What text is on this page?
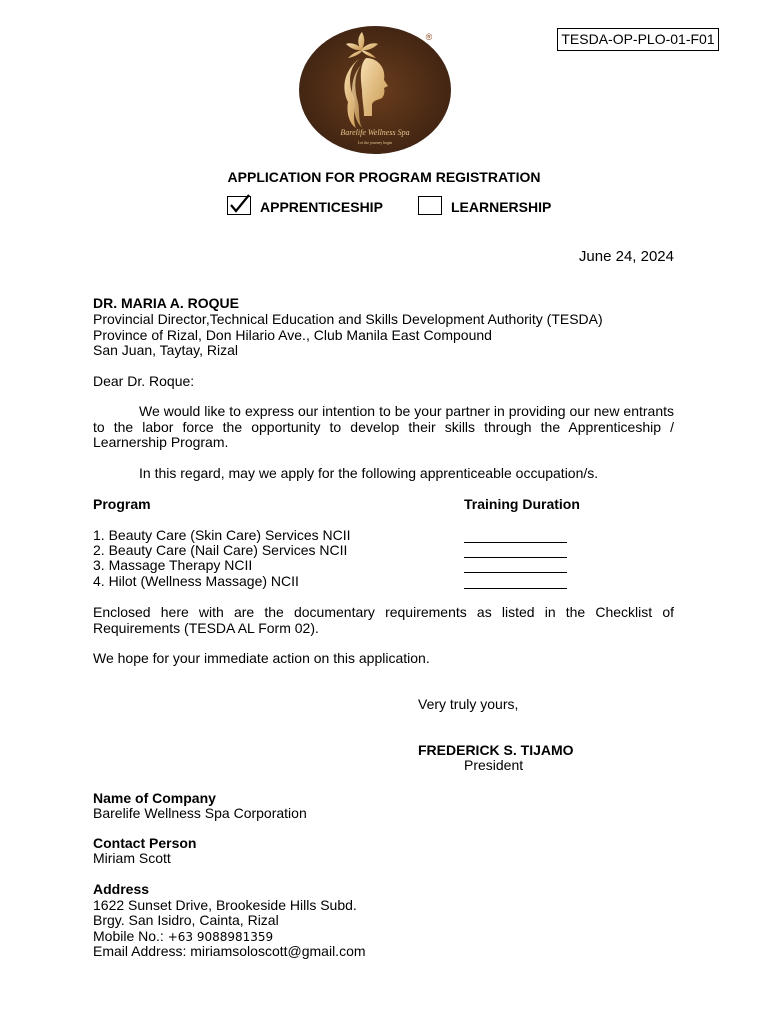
TESDA-OP-PLO-01-F01
Barelife Wellness Spa
Let the journey begin
®
APPLICATION FOR PROGRAM REGISTRATION
APPRENTICESHIP	LEARNERSHIP
June 24, 2024
DR. MARIA A. ROQUE
Provincial Director,Technical Education and Skills Development Authority (TESDA)
Province of Rizal, Don Hilario Ave., Club Manila East Compound
San Juan, Taytay, Rizal
Dear Dr. Roque:
We would like to express our intention to be your partner in providing our new entrants to the labor force the opportunity to develop their skills through the Apprenticeship / Learnership Program.
In this regard, may we apply for the following apprenticeable occupation/s.
Program	Training Duration
1. Beauty Care (Skin Care) Services NCII
2. Beauty Care (Nail Care) Services NCII
3. Massage Therapy NCII
4. Hilot (Wellness Massage) NCII
Enclosed here with are the documentary requirements as listed in the Checklist of Requirements (TESDA AL Form 02).
We hope for your immediate action on this application.
Very truly yours,
FREDERICK S. TIJAMO
President
Name of Company
Barelife Wellness Spa Corporation
Contact Person
Miriam Scott
Address
1622 Sunset Drive, Brookeside Hills Subd.
Brgy. San Isidro, Cainta, Rizal
Mobile No.: +63 9088981359
Email Address: miriamsoloscott@gmail.com
